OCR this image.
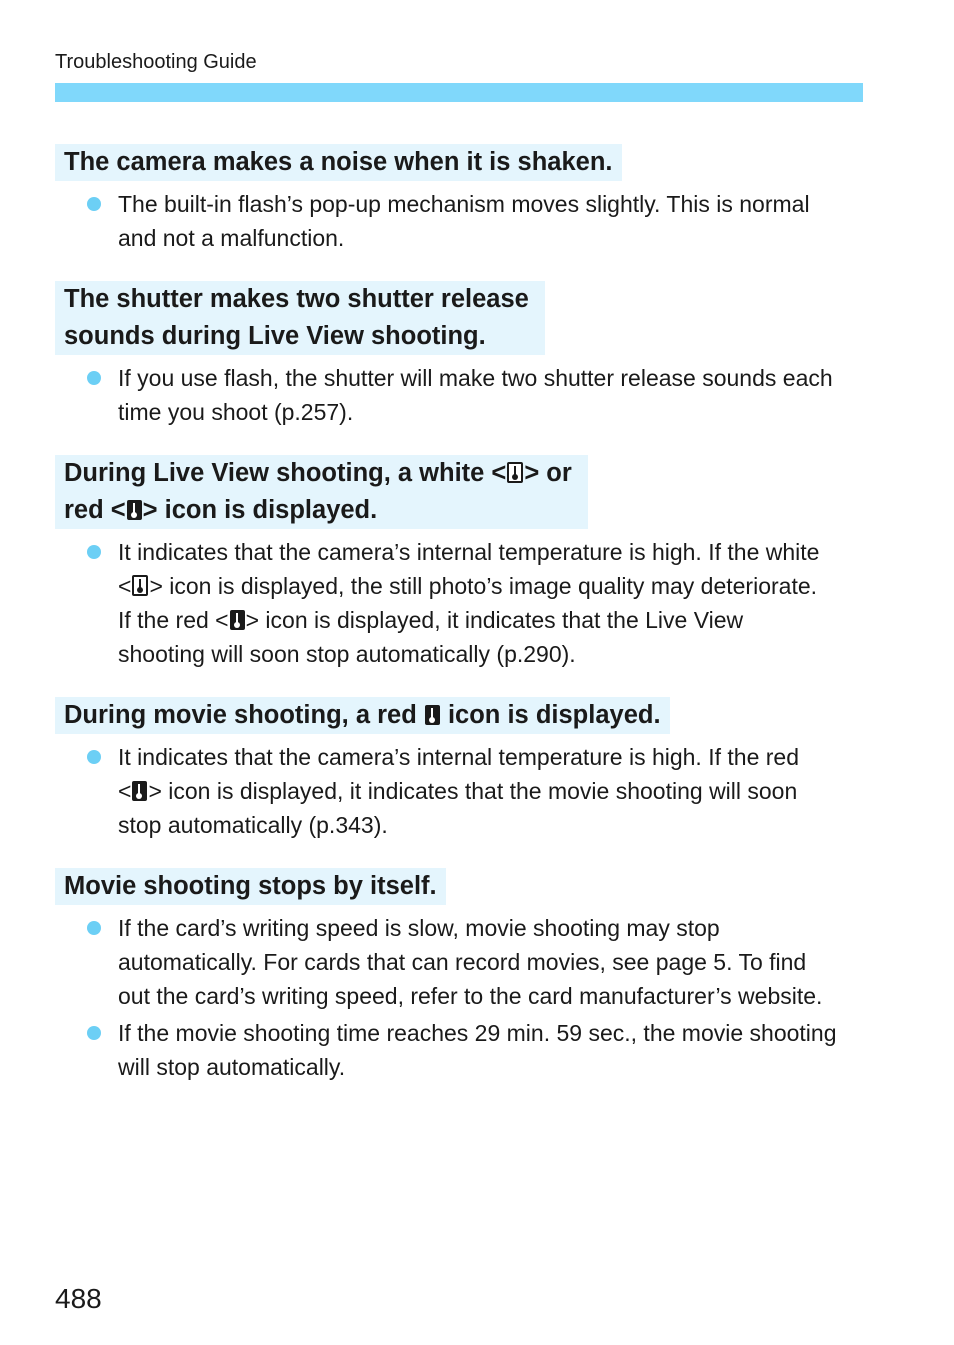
Troubleshooting Guide
The camera makes a noise when it is shaken.
The built-in flash’s pop-up mechanism moves slightly. This is normal
and not a malfunction.
The shutter makes two shutter release
sounds during Live View shooting.
If you use flash, the shutter will make two shutter release sounds each
time you shoot (p.257).
During Live View shooting, a white < > or
red < > icon is displayed.
It indicates that the camera’s internal temperature is high. If the white
< > icon is displayed, the still photo’s image quality may deteriorate.
If the red < > icon is displayed, it indicates that the Live View
shooting will soon stop automatically (p.290).
During movie shooting, a red icon is displayed.
It indicates that the camera’s internal temperature is high. If the red
< > icon is displayed, it indicates that the movie shooting will soon
stop automatically (p.343).
Movie shooting stops by itself.
If the card’s writing speed is slow, movie shooting may stop
automatically. For cards that can record movies, see page 5. To find
out the card’s writing speed, refer to the card manufacturer’s website.
If the movie shooting time reaches 29 min. 59 sec., the movie shooting
will stop automatically.
488
